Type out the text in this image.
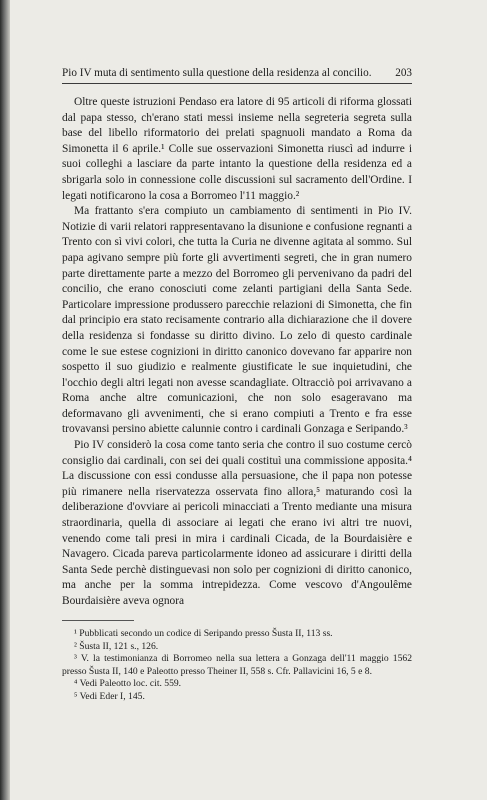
Pio IV muta di sentimento sulla questione della residenza al concilio. 203

Oltre queste istruzioni Pendaso era latore di 95 articoli di riforma glossati dal papa stesso, ch'erano stati messi insieme nella segreteria segreta sulla base del libello riformatorio dei prelati spagnuoli mandato a Roma da Simonetta il 6 aprile.¹ Colle sue osservazioni Simonetta riuscì ad indurre i suoi colleghi a lasciare da parte intanto la questione della residenza ed a sbrigarla solo in connessione colle discussioni sul sacramento dell'Ordine. I legati notificarono la cosa a Borromeo l'11 maggio.²

Ma frattanto s'era compiuto un cambiamento di sentimenti in Pio IV. Notizie di varii relatori rappresentavano la disunione e confusione regnanti a Trento con sì vivi colori, che tutta la Curia ne divenne agitata al sommo. Sul papa agivano sempre più forte gli avvertimenti segreti, che in gran numero parte direttamente parte a mezzo del Borromeo gli pervenivano da padri del concilio, che erano conosciuti come zelanti partigiani della Santa Sede. Particolare impressione produssero parecchie relazioni di Simonetta, che fin dal principio era stato recisamente contrario alla dichiarazione che il dovere della residenza si fondasse su diritto divino. Lo zelo di questo cardinale come le sue estese cognizioni in diritto canonico dovevano far apparire non sospetto il suo giudizio e realmente giustificate le sue inquietudini, che l'occhio degli altri legati non avesse scandagliate. Oltracciò poi arrivavano a Roma anche altre comunicazioni, che non solo esageravano ma deformavano gli avvenimenti, che si erano compiuti a Trento e fra esse trovavansi persino abiette calunnie contro i cardinali Gonzaga e Seripando.³

Pio IV considerò la cosa come tanto seria che contro il suo costume cercò consiglio dai cardinali, con sei dei quali costituì una commissione apposita.⁴ La discussione con essi condusse alla persuasione, che il papa non potesse più rimanere nella riservatezza osservata fino allora,⁵ maturando così la deliberazione d'ovviare ai pericoli minacciati a Trento mediante una misura straordinaria, quella di associare ai legati che erano ivi altri tre nuovi, venendo come tali presi in mira i cardinali Cicada, de la Bourdaisière e Navagero. Cicada pareva particolarmente idoneo ad assicurare i diritti della Santa Sede perchè distinguevasi non solo per cognizioni di diritto canonico, ma anche per la somma intrepidezza. Come vescovo d'Angoulême Bourdaisière aveva ognora

¹ Pubblicati secondo un codice di Seripando presso Šusta II, 113 ss.

² Šusta II, 121 s., 126.

³ V. la testimonianza di Borromeo nella sua lettera a Gonzaga dell'11 maggio 1562 presso Šusta II, 140 e Paleotto presso Theiner II, 558 s. Cfr. Pallavicini 16, 5 e 8.

⁴ Vedi Paleotto loc. cit. 559.

⁵ Vedi Eder I, 145.
